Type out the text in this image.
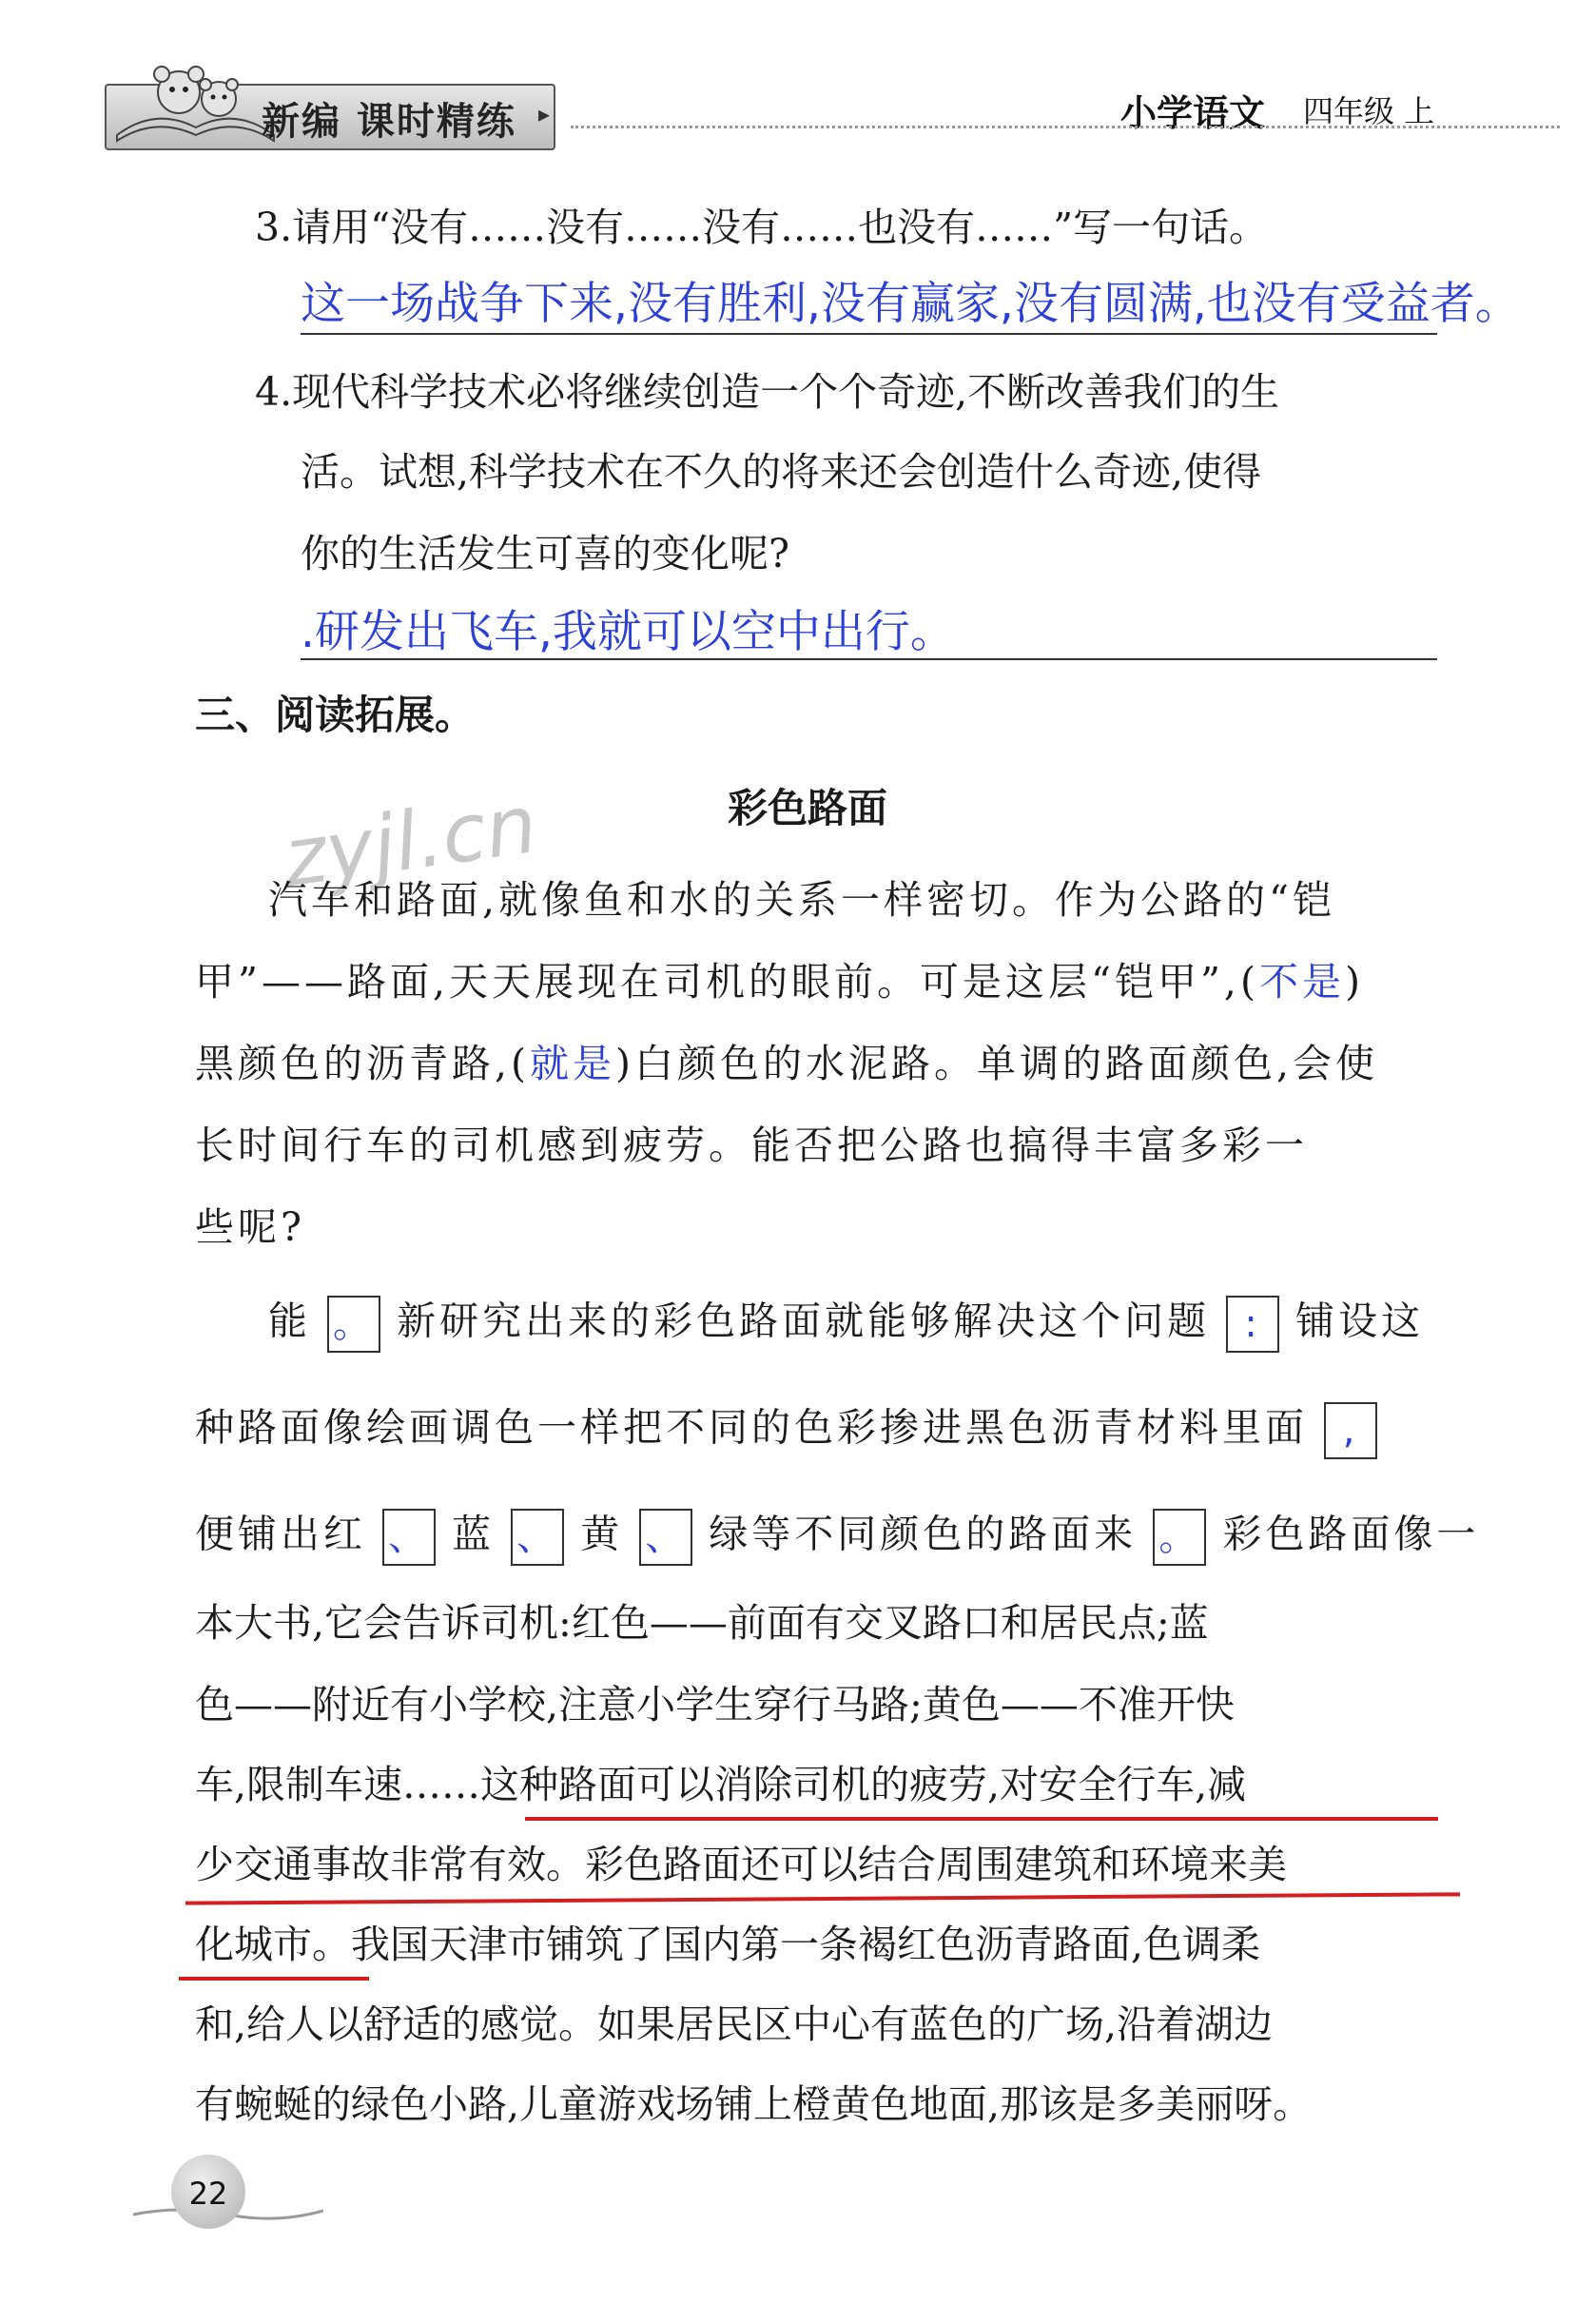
新编 课时精练 ▸	小学语文 四年级 上
3.请用“没有……没有……没有……也没有……”写一句话。
这一场战争下来,没有胜利,没有赢家,没有圆满,也没有受益者。
4.现代科学技术必将继续创造一个个奇迹,不断改善我们的生
活。试想,科学技术在不久的将来还会创造什么奇迹,使得
你的生活发生可喜的变化呢?
.研发出飞车,我就可以空中出行。
三、阅读拓展。
彩色路面
zyjl.cn
汽车和路面,就像鱼和水的关系一样密切。作为公路的“铠
甲”——路面,天天展现在司机的眼前。可是这层“铠甲”,(不是)
黑颜色的沥青路,(就是)白颜色的水泥路。单调的路面颜色,会使
长时间行车的司机感到疲劳。能否把公路也搞得丰富多彩一
些呢?
能 。 新研究出来的彩色路面就能够解决这个问题 : 铺设这
种路面像绘画调色一样把不同的色彩掺进黑色沥青材料里面 ,
便铺出红 、 蓝 、 黄 、 绿等不同颜色的路面来 。 彩色路面像一
本大书,它会告诉司机:红色——前面有交叉路口和居民点;蓝
色——附近有小学校,注意小学生穿行马路;黄色——不准开快
车,限制车速……这种路面可以消除司机的疲劳,对安全行车,减
少交通事故非常有效。彩色路面还可以结合周围建筑和环境来美
化城市。我国天津市铺筑了国内第一条褐红色沥青路面,色调柔
和,给人以舒适的感觉。如果居民区中心有蓝色的广场,沿着湖边
有蜿蜒的绿色小路,儿童游戏场铺上橙黄色地面,那该是多美丽呀。
22
